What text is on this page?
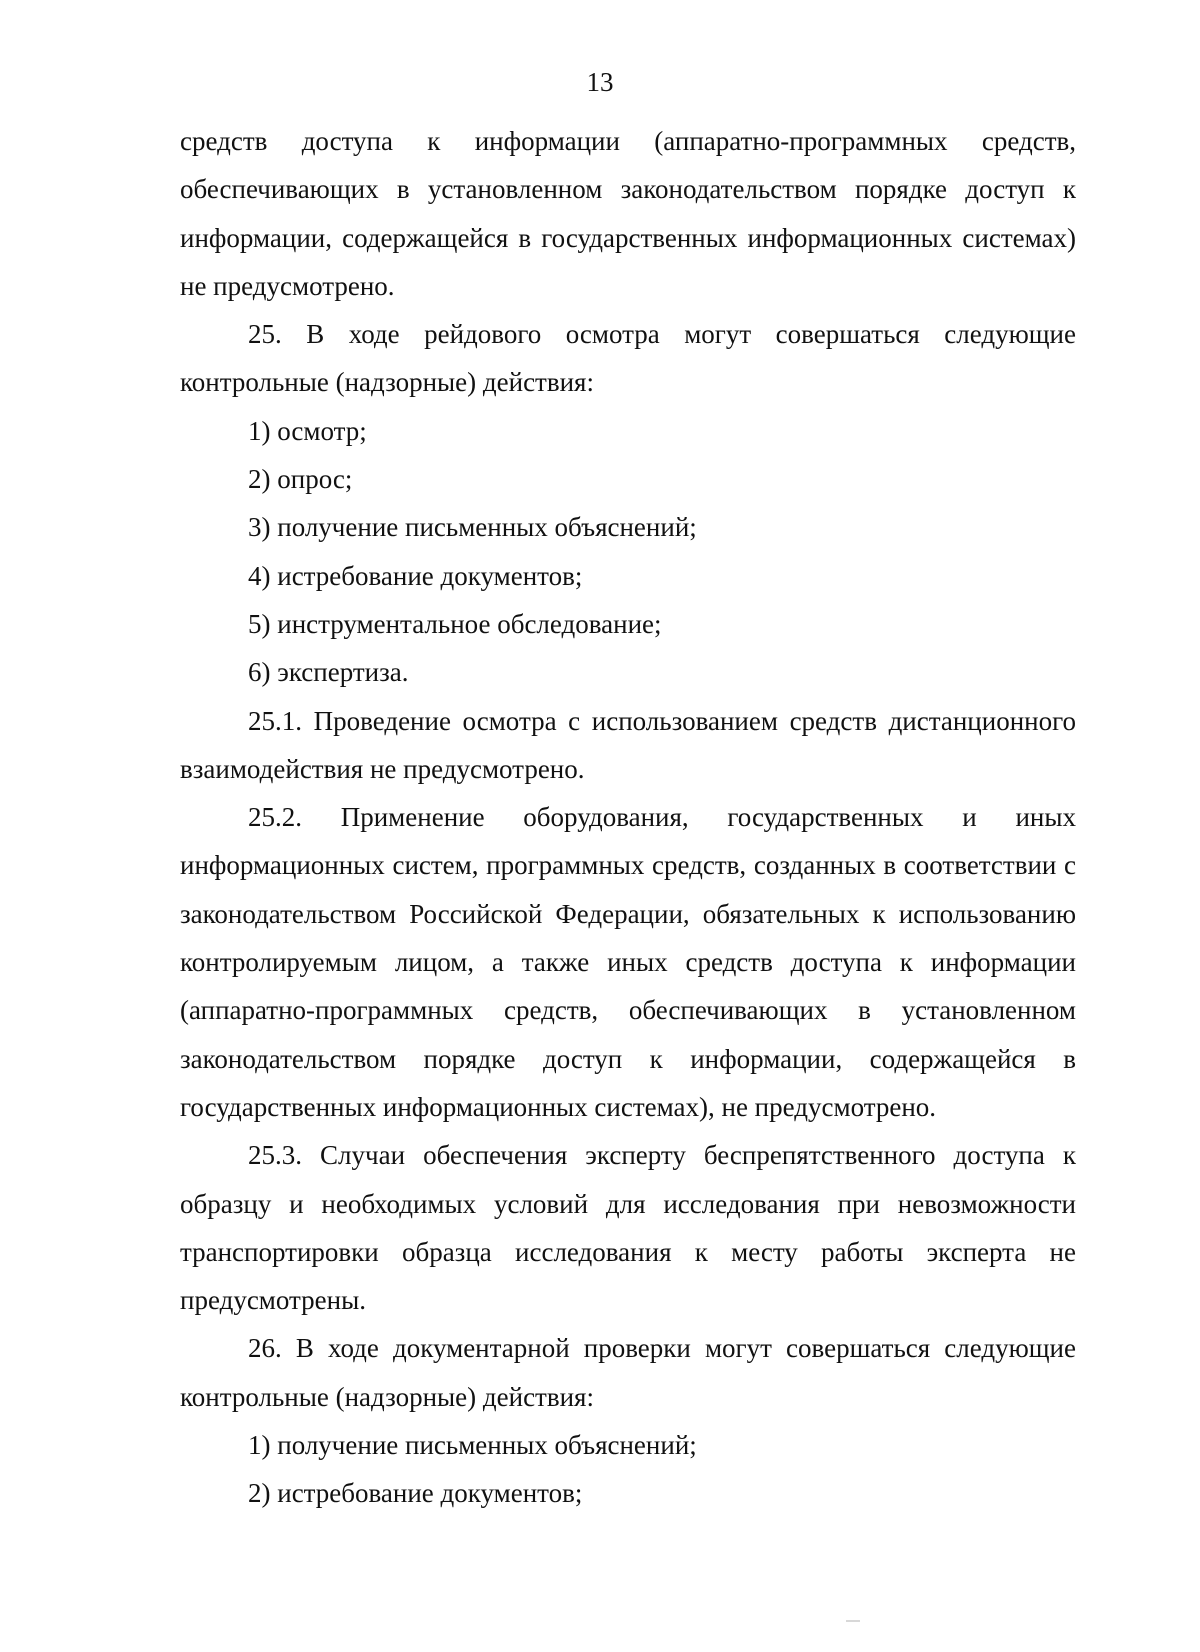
13

средств доступа к информации (аппаратно-программных средств, обеспечивающих в установленном законодательством порядке доступ к информации, содержащейся в государственных информационных системах) не предусмотрено.

25. В ходе рейдового осмотра могут совершаться следующие контрольные (надзорные) действия:

1) осмотр;

2) опрос;

3) получение письменных объяснений;

4) истребование документов;

5) инструментальное обследование;

6) экспертиза.

25.1. Проведение осмотра с использованием средств дистанционного взаимодействия не предусмотрено.

25.2. Применение оборудования, государственных и иных информационных систем, программных средств, созданных в соответствии с законодательством Российской Федерации, обязательных к использованию контролируемым лицом, а также иных средств доступа к информации (аппаратно-программных средств, обеспечивающих в установленном законодательством порядке доступ к информации, содержащейся в государственных информационных системах), не предусмотрено.

25.3. Случаи обеспечения эксперту беспрепятственного доступа к образцу и необходимых условий для исследования при невозможности транспортировки образца исследования к месту работы эксперта не предусмотрены.

26. В ходе документарной проверки могут совершаться следующие контрольные (надзорные) действия:

1) получение письменных объяснений;

2) истребование документов;
